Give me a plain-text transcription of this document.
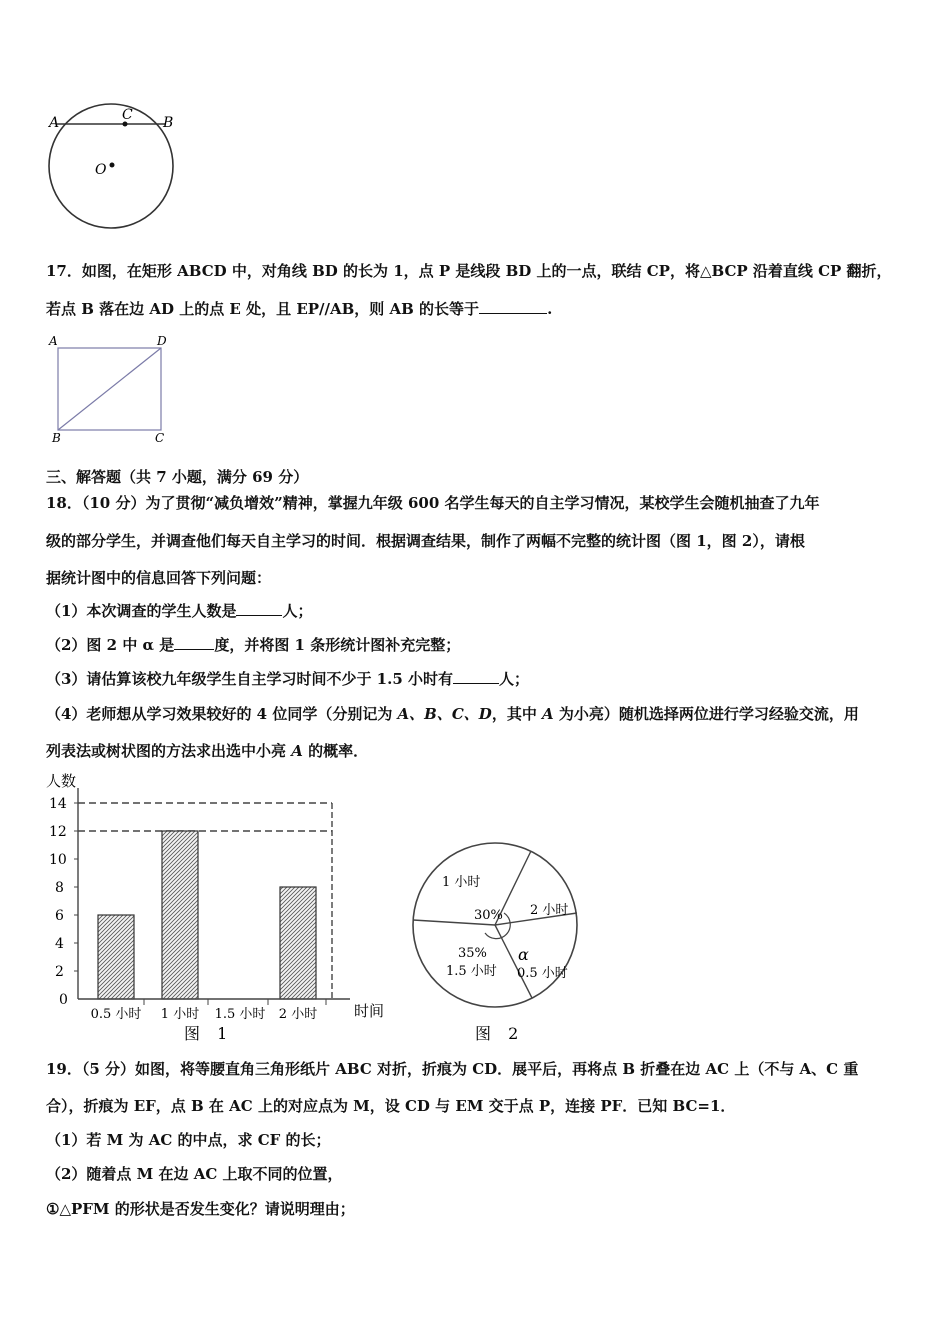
A	C B
O
17．如图，在矩形 ABCD 中，对角线 BD 的长为 1，点 P 是线段 BD 上的一点，联结 CP，将△BCP 沿着直线 CP 翻折，
若点 B 落在边 AD 上的点 E 处，且 EP//AB，则 AB 的长等于	.
A	D
B	C
三、解答题（共 7 小题，满分 69 分）
18．（10 分）为了贯彻“减负增效”精神，掌握九年级 600 名学生每天的自主学习情况，某校学生会随机抽查了九年
级的部分学生，并调查他们每天自主学习的时间．根据调查结果，制作了两幅不完整的统计图（图 1，图 2），请根
据统计图中的信息回答下列问题：
（1）本次调查的学生人数是	人；
（2）图 2 中 α 是	度，并将图 1 条形统计图补充完整；
（3）请估算该校九年级学生自主学习时间不少于 1.5 小时有	人；
（4）老师想从学习效果较好的 4 位同学（分别记为 A、B、C、D，其中 A 为小亮）随机选择两位进行学习经验交流，用
列表法或树状图的方法求出选中小亮 A 的概率．
人数
0
2
4
6
8
10
12
14
0.5 小时 1 小时 1.5 小时 2 小时 时间
图 1
1 小时
30% 2 小时
35%
1.5 小时
α
0.5 小时
图 2
19．（5 分）如图，将等腰直角三角形纸片 ABC 对折，折痕为 CD．展平后，再将点 B 折叠在边 AC 上（不与 A、C 重
合），折痕为 EF，点 B 在 AC 上的对应点为 M，设 CD 与 EM 交于点 P，连接 PF．已知 BC=1．
（1）若 M 为 AC 的中点，求 CF 的长；
（2）随着点 M 在边 AC 上取不同的位置，
①△PFM 的形状是否发生变化？请说明理由；
